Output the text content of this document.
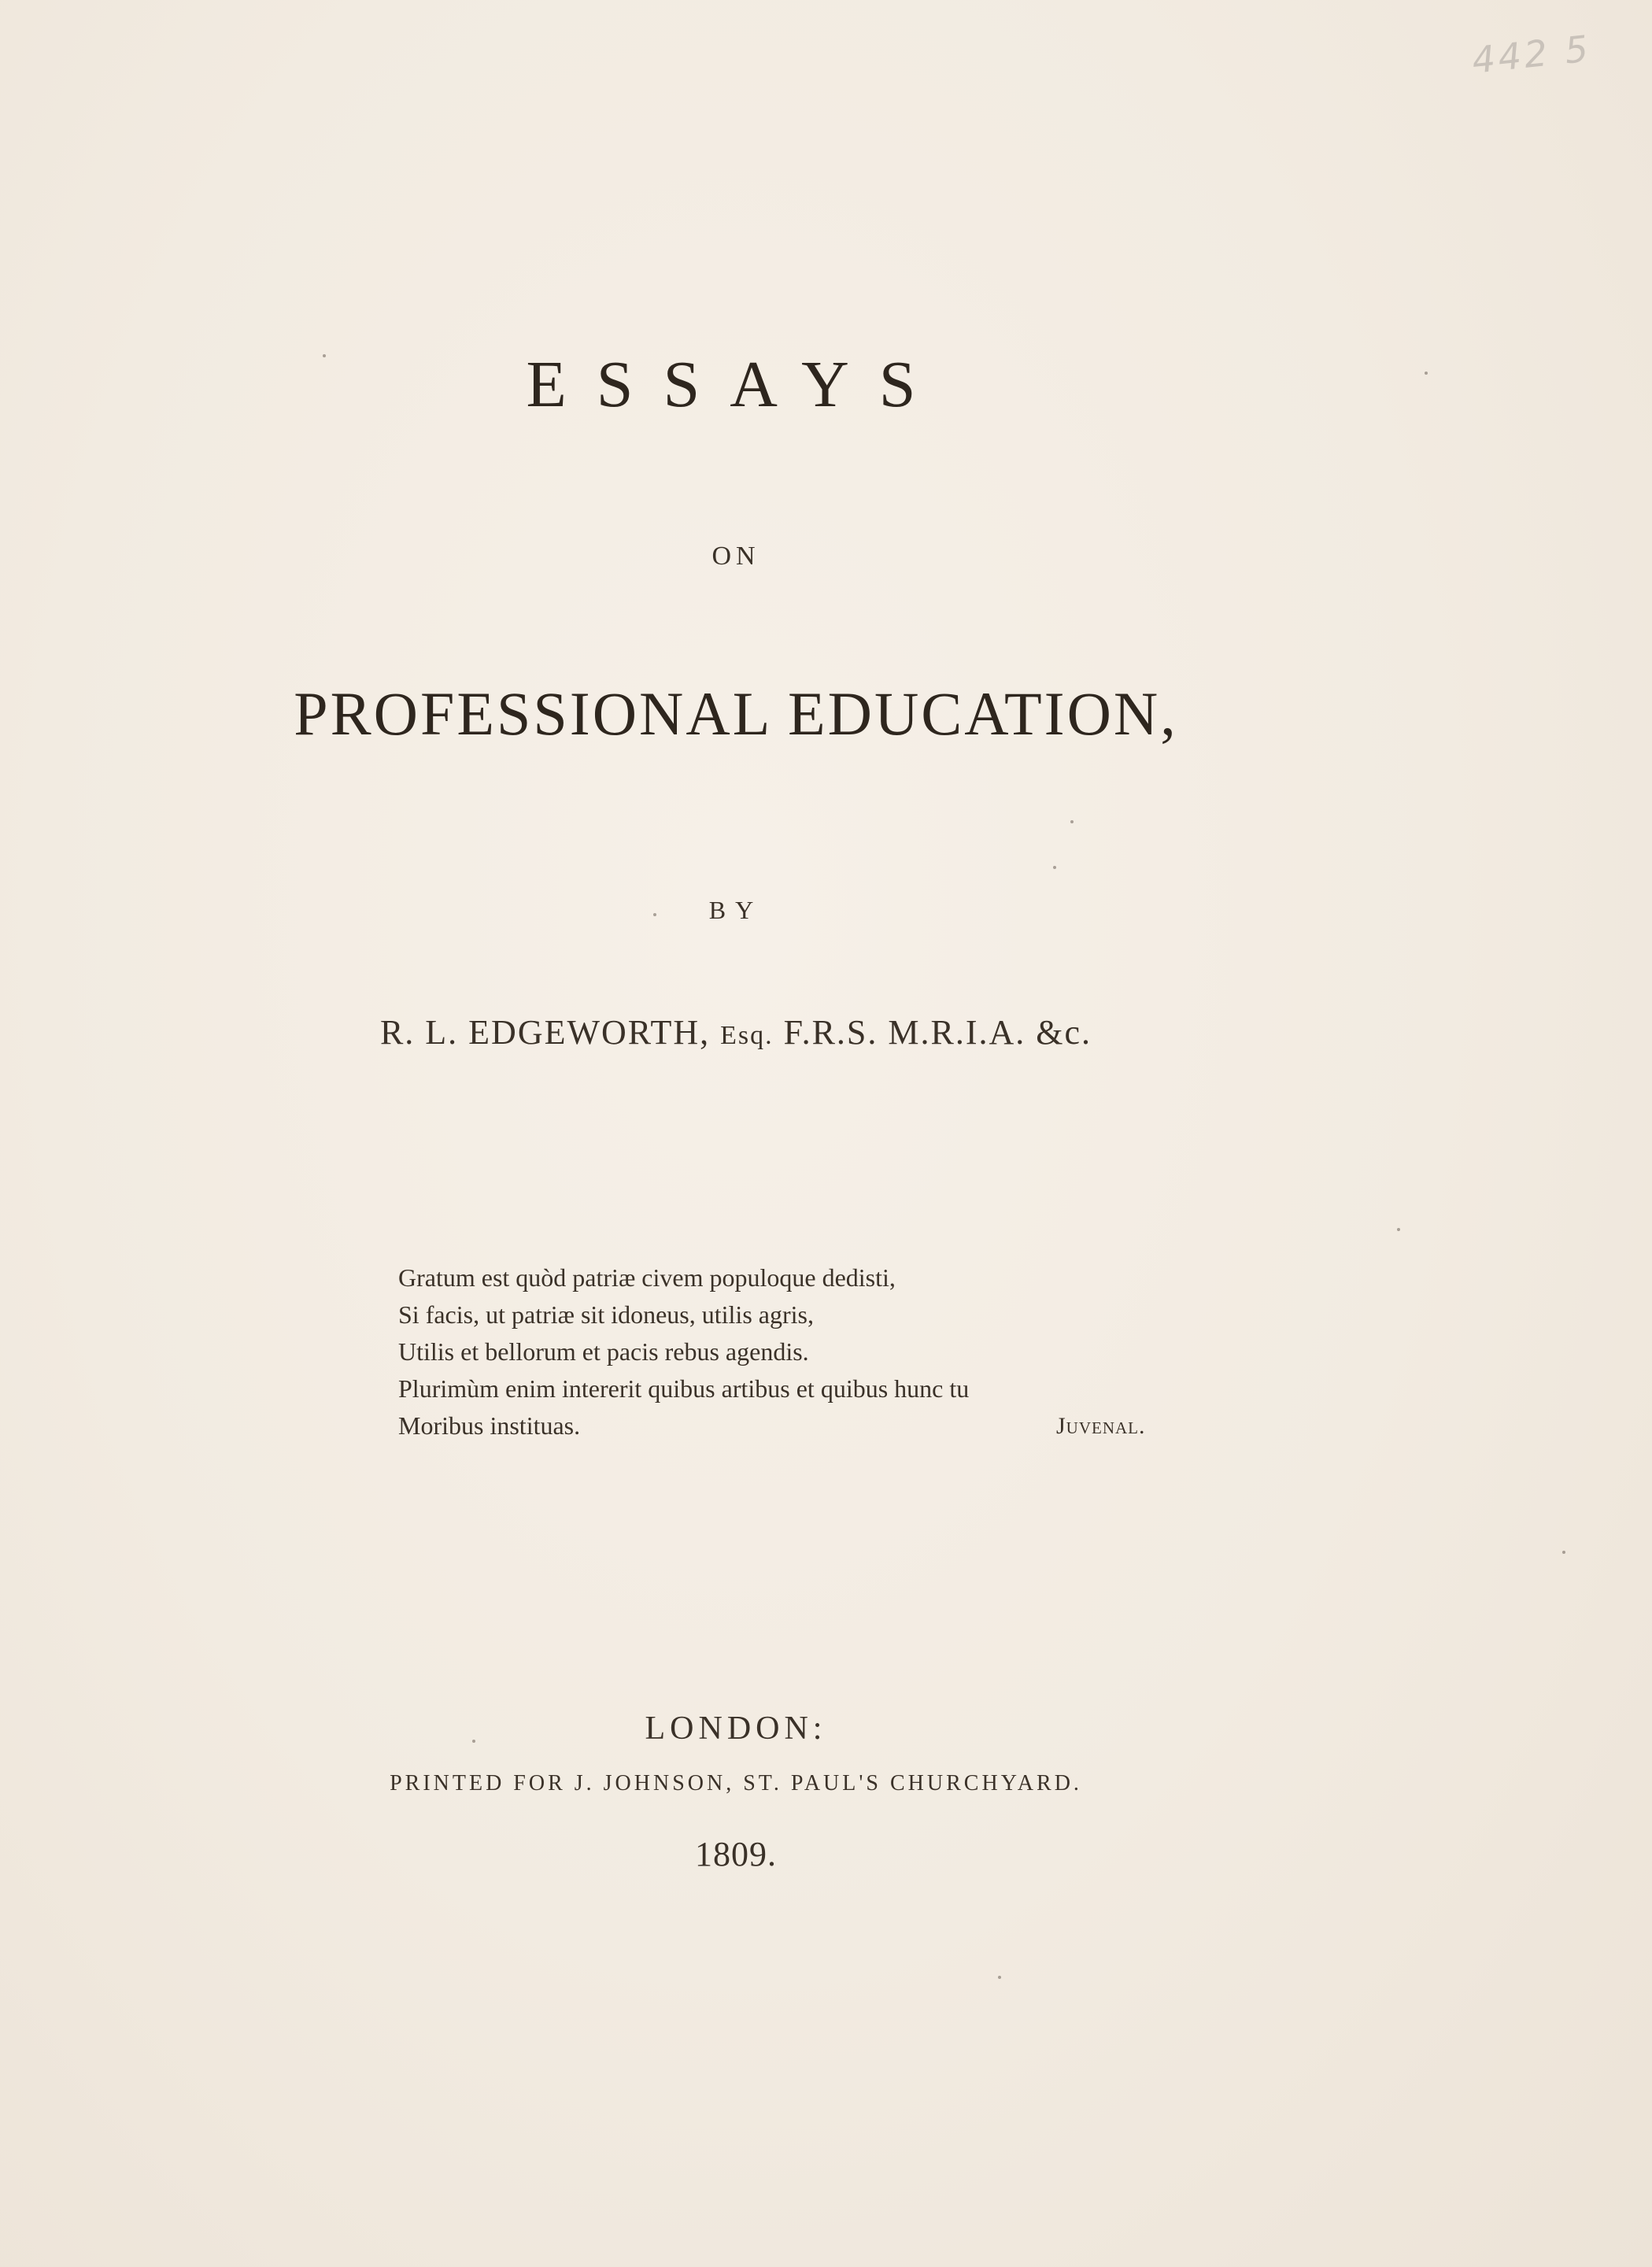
442 5
ESSAYS
ON
PROFESSIONAL EDUCATION,
BY
R. L. EDGEWORTH, Esq. F.R.S. M.R.I.A. &c.
Gratum est quòd patriæ civem populoque dedisti,
Si facis, ut patriæ sit idoneus, utilis agris,
Utilis et bellorum et pacis rebus agendis.
Plurimùm enim intererit quibus artibus et quibus hunc tu
Moribus instituas.	Juvenal.
LONDON:
PRINTED FOR J. JOHNSON, ST. PAUL'S CHURCHYARD.
1809.
